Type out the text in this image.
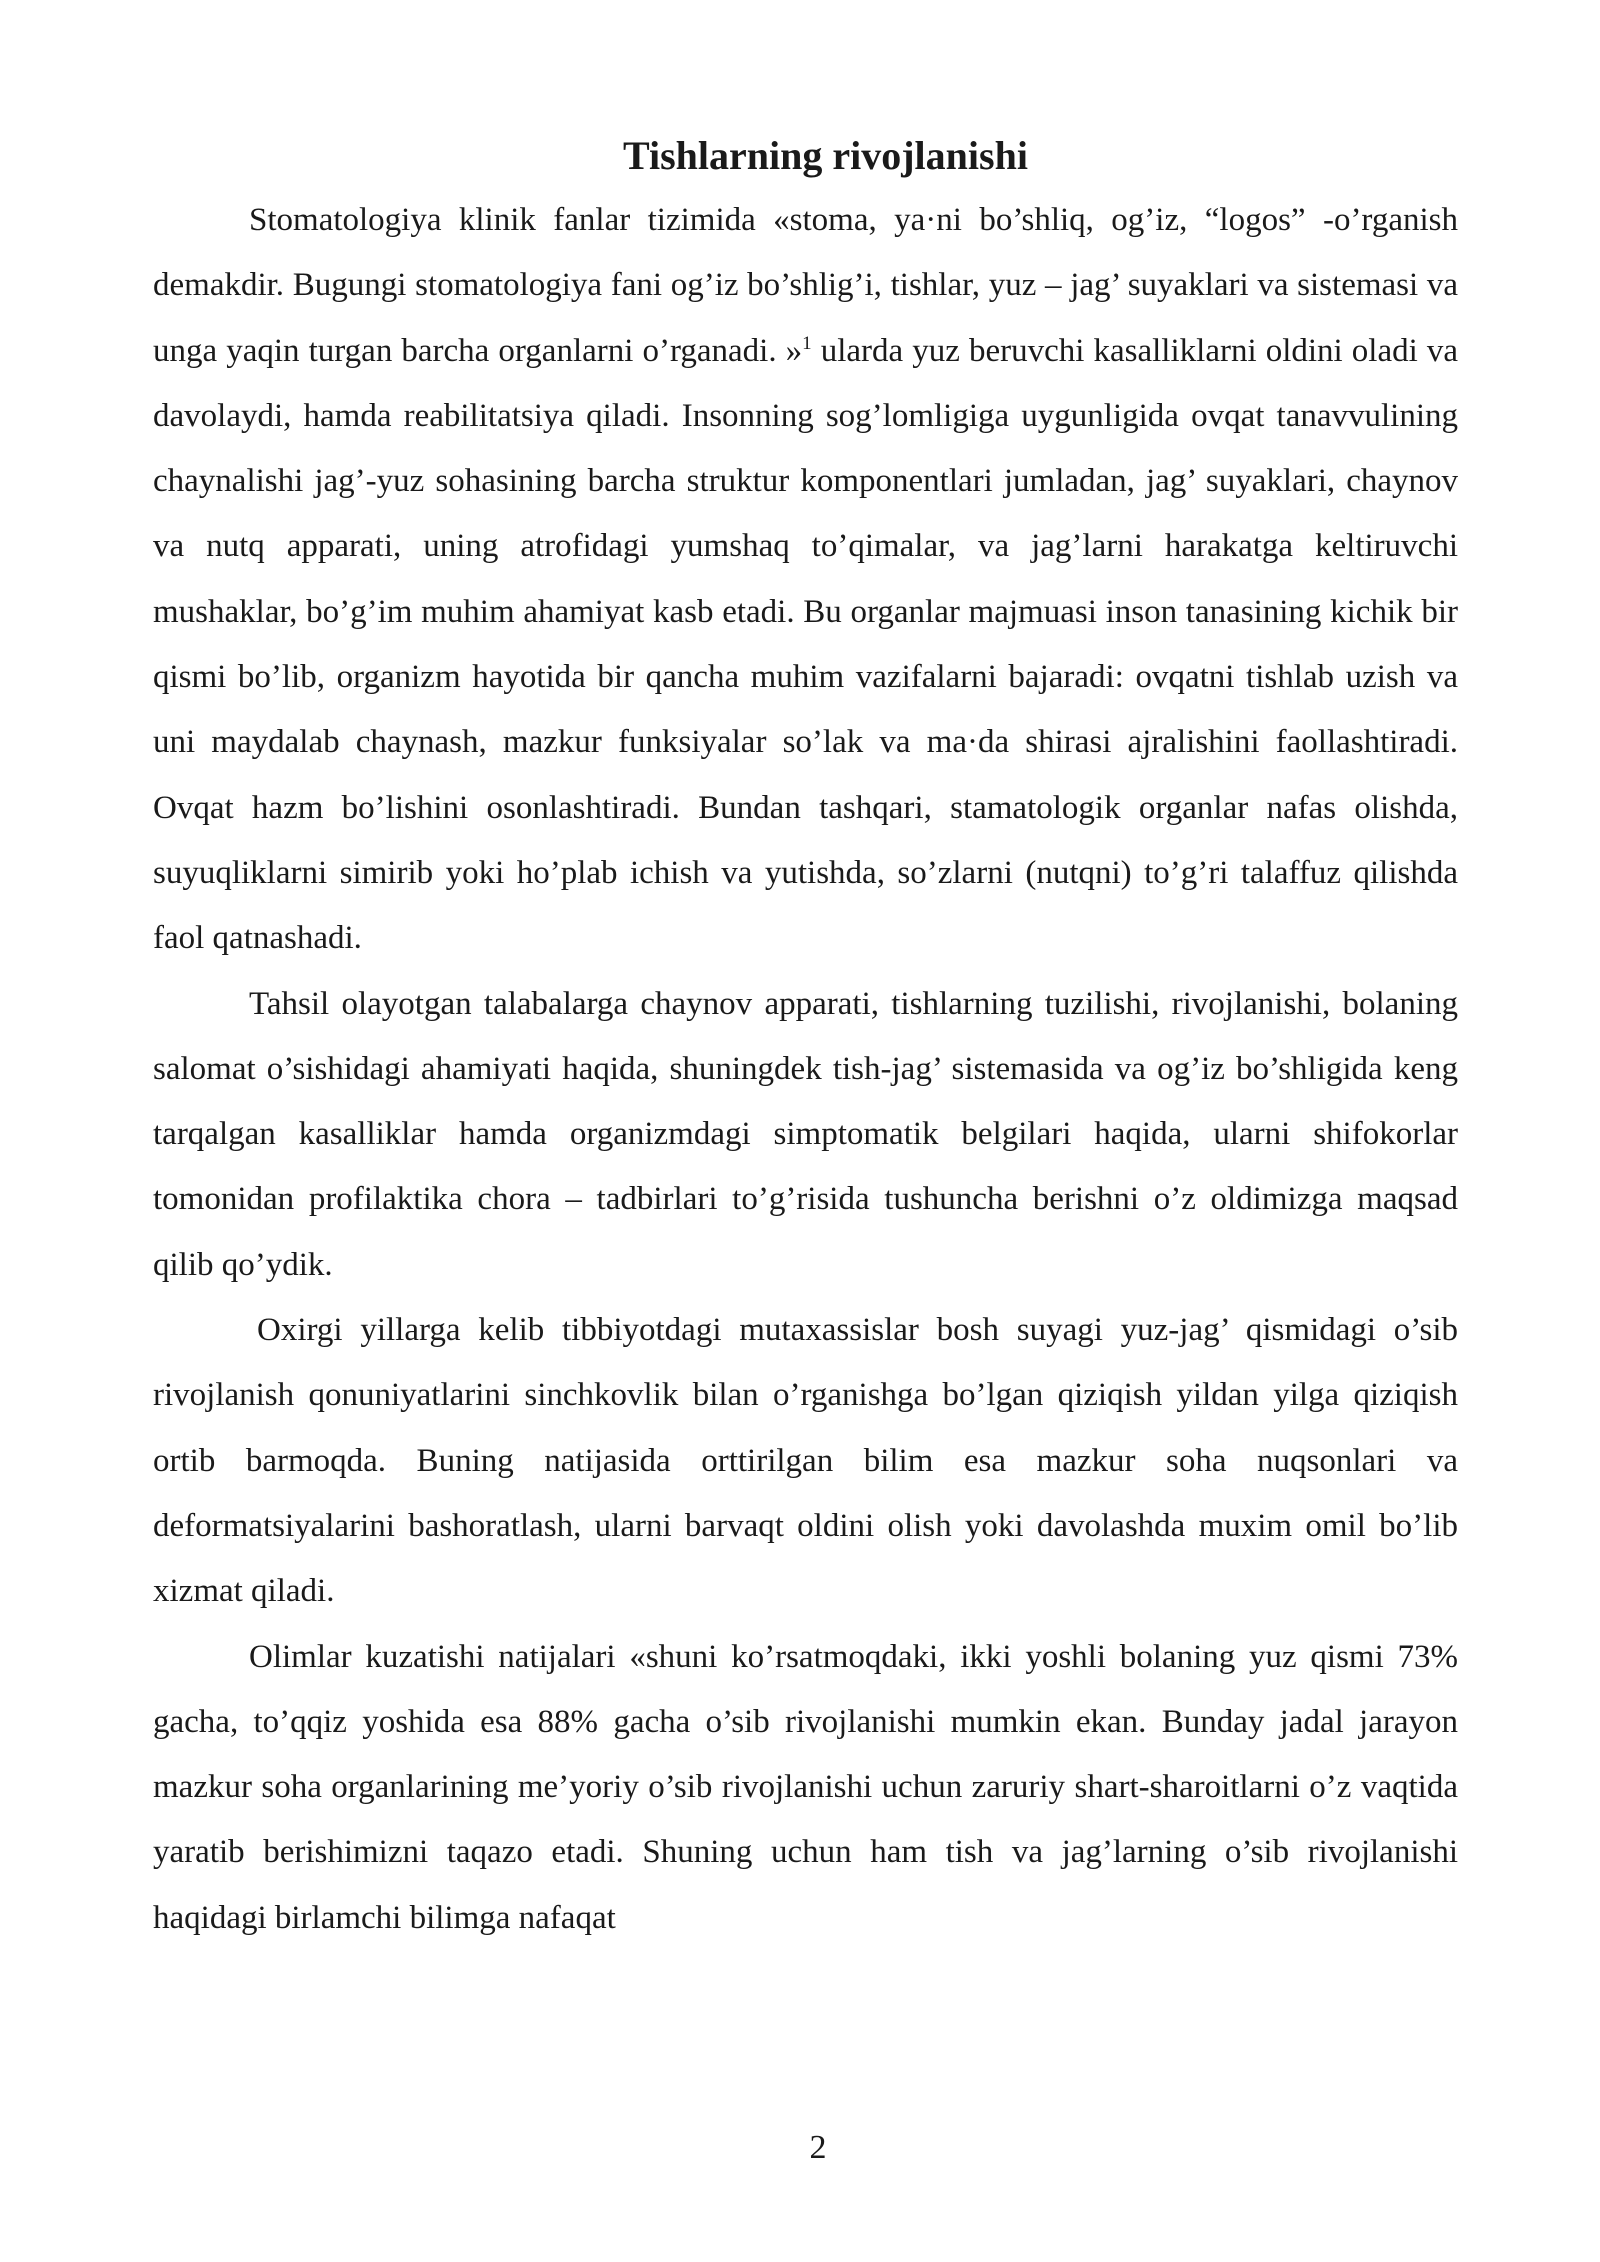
Tishlarning rivojlanishi

Stomatologiya klinik fanlar tizimida «stoma, ya·ni bo’shliq, og’iz, “logos” -o’rganish demakdir. Bugungi stomatologiya fani og’iz bo’shlig’i, tishlar, yuz – jag’ suyaklari va sistemasi va unga yaqin turgan barcha organlarni o’rganadi. »$^1$ ularda yuz beruvchi kasalliklarni oldini oladi va davolaydi, hamda reabilitatsiya qiladi. Insonning sog’lomligiga uygunligida ovqat tanavvulining chaynalishi jag’-yuz sohasining barcha struktur komponentlari jumladan, jag’ suyaklari, chaynov va nutq apparati, uning atrofidagi yumshaq to’qimalar, va jag’larni harakatga keltiruvchi mushaklar, bo’g’im muhim ahamiyat kasb etadi. Bu organlar majmuasi inson tanasining kichik bir qismi bo’lib, organizm hayotida bir qancha muhim vazifalarni bajaradi: ovqatni tishlab uzish va uni maydalab chaynash, mazkur funksiyalar so’lak va ma·da shirasi ajralishini faollashtiradi. Ovqat hazm bo’lishini osonlashtiradi. Bundan tashqari, stamatologik organlar nafas olishda, suyuqliklarni simirib yoki ho’plab ichish va yutishda, so’zlarni (nutqni) to’g’ri talaffuz qilishda faol qatnashadi.

Tahsil olayotgan talabalarga chaynov apparati, tishlarning tuzilishi, rivojlanishi, bolaning salomat o’sishidagi ahamiyati haqida, shuningdek tish-jag’ sistemasida va og’iz bo’shligida keng tarqalgan kasalliklar hamda organizmdagi simptomatik belgilari haqida, ularni shifokorlar tomonidan profilaktika chora – tadbirlari to’g’risida tushuncha berishni o’z oldimizga maqsad qilib qo’ydik.

Oxirgi yillarga kelib tibbiyotdagi mutaxassislar bosh suyagi yuz-jag’ qismidagi o’sib rivojlanish qonuniyatlarini sinchkovlik bilan o’rganishga bo’lgan qiziqish yildan yilga qiziqish ortib barmoqda. Buning natijasida orttirilgan bilim esa mazkur soha nuqsonlari va deformatsiyalarini bashoratlash, ularni barvaqt oldini olish yoki davolashda muxim omil bo’lib xizmat qiladi.

Olimlar kuzatishi natijalari «shuni ko’rsatmoqdaki, ikki yoshli bolaning yuz qismi 73% gacha, to’qqiz yoshida esa 88% gacha o’sib rivojlanishi mumkin ekan. Bunday jadal jarayon mazkur soha organlarining me’yoriy o’sib rivojlanishi uchun zaruriy shart-sharoitlarni o’z vaqtida yaratib berishimizni taqazo etadi. Shuning uchun ham tish va jag’larning o’sib rivojlanishi haqidagi birlamchi bilimga nafaqat

2
